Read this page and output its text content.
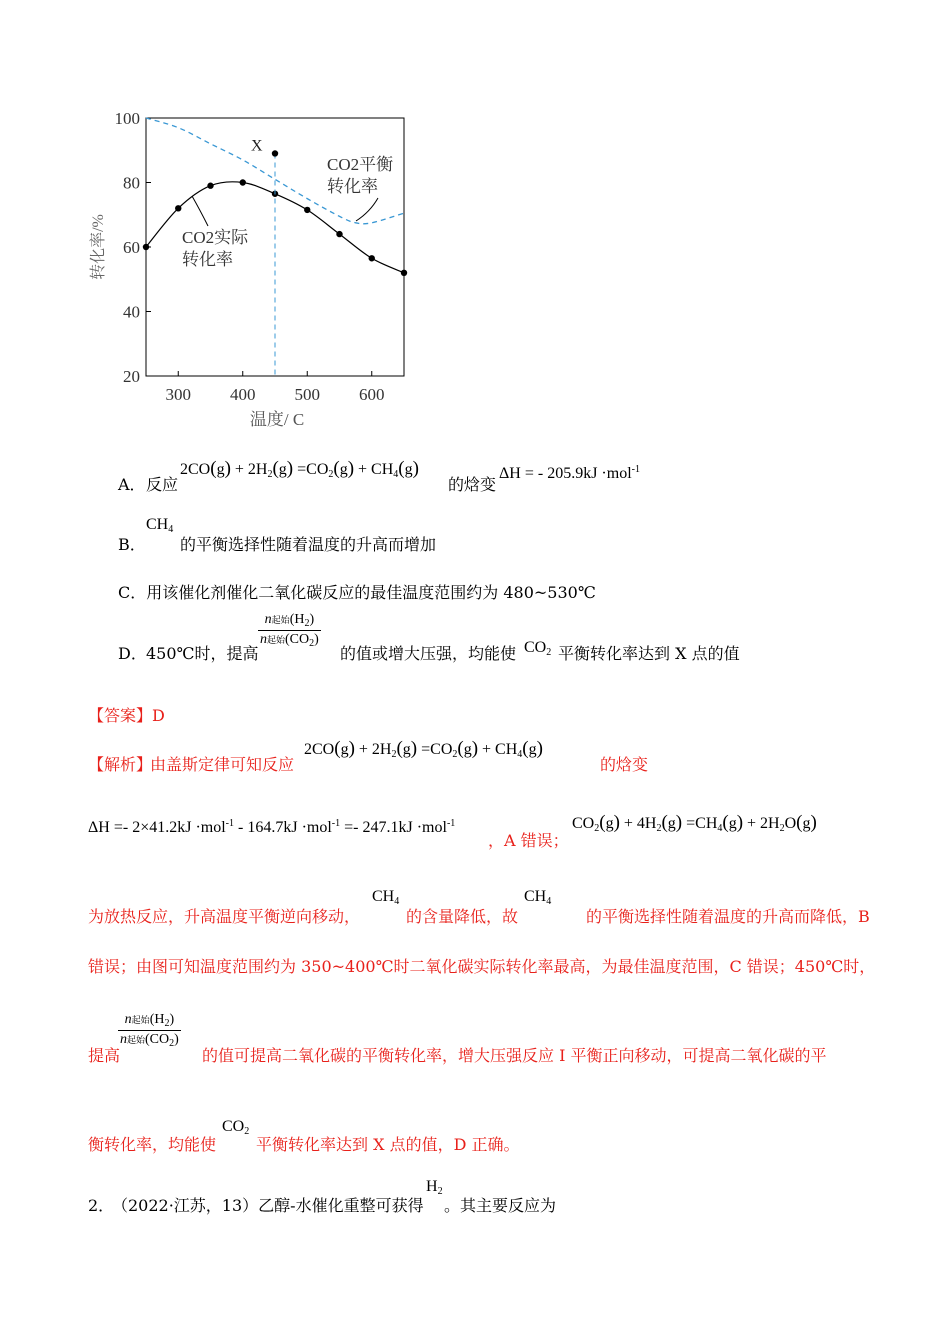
20
40
60
80
100
300 400 500 600
X
CO2平衡
转化率
CO2实际
转化率
转化率/%
温度/ C
A． 反应
$2CO(g) + 2H_2(g) =CO_2(g) + CH_4(g)$
的焓变
ΔH = - 205.9kJ ·mol$^{-1}$
B．
$CH_4$
的平衡选择性随着温度的升高而增加
C．用该催化剂催化二氧化碳反应的最佳温度范围约为 480~530℃
D． 450℃时，提高
n起始$(H_2)$
n起始$(CO_2)$
的值或增大压强，均能使 $CO_2$ 平衡转化率达到 X 点的值
【答案】D
【解析】
由盖斯定律可知反应
$2CO(g) + 2H_2(g) =CO_2(g) + CH_4(g)$
的焓变
ΔH =- 2×41.2kJ ·mol$^{-1}$ - 164.7kJ ·mol$^{-1}$ =- 247.1kJ ·mol$^{-1}$
，A 错误；
$CO_2(g) + 4H_2(g) =CH_4(g) + 2H_2O(g)$
为放热反应，升高温度平衡逆向移动，
$CH_4$
的含量降低，故
$CH_4$
的平衡选择性随着温度的升高而降低，B
错误；由图可知温度范围约为 350~400℃时二氧化碳实际转化率最高，为最佳温度范围，C 错误；450℃时，
提高
n起始$(H_2)$
n起始$(CO_2)$
的值可提高二氧化碳的平衡转化率，增大压强反应 I 平衡正向移动，可提高二氧化碳的平
衡转化率，均能使
$CO_2$
平衡转化率达到 X 点的值，D 正确。
2．
（2022·江苏，13）乙醇-水催化重整可获得
$H_2$
。其主要反应为
